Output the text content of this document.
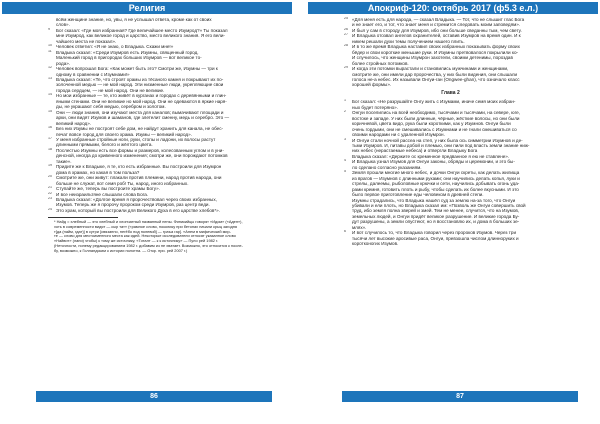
Религия
всём женщине знание, но, увы, я не услышал ответа, кроме как от своих
слов».
9 Бог сказал: «Где моя избранная? Где величайшее место Изумрод?» Ты показал
мне Изумрод, как великое город и царство, место великого знания. Я его вели-
чайшего места не показал».
10 Человек ответил: «Я не знаю, о Владыка. Скажи мне!»
11 Владыка сказал: «Среди Изумров есть Изумны, священный город.
Маленький город в пригородах больших Изумров — вот великое то-
рода».
12 Человек вопрошал Бога: «Как может быть это? Смотри же, Изумны — три к
одному в сравнении с Изумнами!»
13 Владыка сказал: «Те, что строят храмы из тёсаного камня и покрывают их по-
золоченной медью — не мой народ. Эти низменные люди, укрепляющие свои
города сердцем, — не мой народ. Они не великие.
14 Но мои избранные — те, кто живёт в курганах и городах с деревянными и глин-
яными стенами. Они не великие но мой народ. Они не одеваются в яркие наря-
ды, не украшают себя медью, серебром и золотом.
15 Они — люди знания, они изучают места для каналов; вымачивают площади и
арки, они видят Изумов и шаманов, где злетелит сменну, медь и серебро. Это —
великий народ».
16 Без них Изумы не построят себе дом, не найдут хранить для канала, не обес-
печат вовсе город для своего храма. Изумы — великий народ».
17 У меня избранные стройные ноги, руки, стопы и ладони, их волосы растут
длинными прямыми, белого и жёлтого цвета.
18 Послестью Изумны есть все формы и размеров, колесованным углом и в уни-
денсной, иногда до кривенного изменения; смотри же, они порождают потомков
такие».
19 Придите же к Владыке, я те, кто есть избранные. Вы построили для Изумрон
дома в храмах, но какая в том польза?
20 Смотрите же, они живут: плакали против племени, народ против народа, они
больше не служат, вот семя роб! Ты, народ, иного избранных.
21 Ступайте же, теперь вы построите храмы Богу».
22 И все неизраильтяне слышали слова Бога.
23 Владыка сказал: «Долгое время я пророчествовал через своих избранных,
Изумов. Теперь же я пророчу пророком среди Изумров, раз центр веди.
24 Это храм, который вы построили для Великого Духа в его царстве хлебов*».
* Найд = хлебный — это хлебный и хлопчатный названный пены. Финикийцы говорят «Идом» («Аден»),
хоть в современности видят — сыр тат» («рамное слово, поколику при бетонах начали крыц загодня
т[да (найм, гдат)] в сутри [связанно, негёбо под полевой] — граъа гар]. «Анем в мифический мир-
те — слово для местоименного места как идей. Некоторые исследователи относят указанное слово
«Найвит» (лани) чтобы) к тому же источнику, «Тоталт — к к источнику» — Пуло рей 1982 г.
(Неточности, понему редакцированием 1982 г. добавим из не хватает. Возможно, это относится к после-
бу, возможно, к Голландским к истории полотна. — Откр. при. рей 2007 г.)
86
Апокриф-120: октябрь 2017 (ф5.3 е.л.)
25 «Для меня есть для народа, — сказал Владыка. — Тот, что не слышит глас Бога
и не знает его, и тот, что знает меня и стремится следовать моим заповедям».
26 И был у сам в стороду для Изумров, ибо они больше сведанны тым, чем свету.
27 И Владыка отозвал ангелов охранителей, оставив Изумров на время один. И к
никем решали духи темы получением нашего плить.
28 И в то же время Владыка наставил своих избранных показывать форму своих
бёдер и свои короткие меньшие руки. И Изумны претвовалося покрылили ко-
И случилось, что женщины Изумрон захотели, своими детенимы, пороздав
более стройных потомков.
29 И когда эти потомки вырастали и становились мужчинами и женщинами,
смотрите же, они имели дар пророчества, у них были видения, они слышали
голоса не-а небес. Их называли Онгуи-ган (Ongwee-ghan), что означало класс
хорошей формы».
Глава 2
1 Бог сказал: «Не разрушайте Онгу жить с Изумами, иначе семя моих избран-
ных будет потеряно».
2 Онгуи поселились на всей необходимо, тысячами и тысячами, на севере, юге,
востоке и западе. У них были длинные, чёрные, жёсткие волосы, но они были
коричневой, цвета видо, рука были короткими, как у Изумнов. Онгуи были
очень гордыми, они не смешивались с Изумнами и не гнали смешиваться со
своими народами ни с удаленной Изумрон.
3 И Онгуи стали ночной рассеа на степ, у них была ось симметрии Изумнов и де-
тьми Изумров. И, питавы добой и племью, они пили под власть земли знание ниж-
них небес (нерастаемые небеса) и отвергли Владыку Бога
Владыка сказал: «Держите ос кременное предванное я ею не ставлене».
4 И Владыка узнал Изумов для Онгуи законы, обряды и церемонии, и это бы-
ло сделано согласно указаниям.
5 Земля прошли многие много небес, и дочки Онгуи скреты, как делать жилища
из врагов — Изумнов с длинными руками; они научились делать копья, луки и
стрелы, далеемы, рыболовные крючки и сети, научились добывать огонь уда-
рами кремня, готовить плоть и рыбу, чтобы сделать их более вкусными. И это
было первое приготовление еды человеком в древней степи.
Изумны страдались, что Владыка нашёл суд за землю на-за того, что Онгуи
убивали и ели плоть, но Владыка сказал им: «Позволь же Онгуи совершить свой
труд, ибо земля полна зверей и змей. Тем не менее, случится, что на Изумов,
земельных людей, и Онгуи придёт великое разрушение. И великие города Бу-
дут разрушены, а земли опустеют, но я восстановлю их, и дома в больших зе-
млях».
6 И вот случилось то, что Владыка говорил через пророков Изумов. Через три
тысячи лет высокие аросивые раса, Онгуи, превзошла числом длинноруких и
коротконогих Изумов.
87
